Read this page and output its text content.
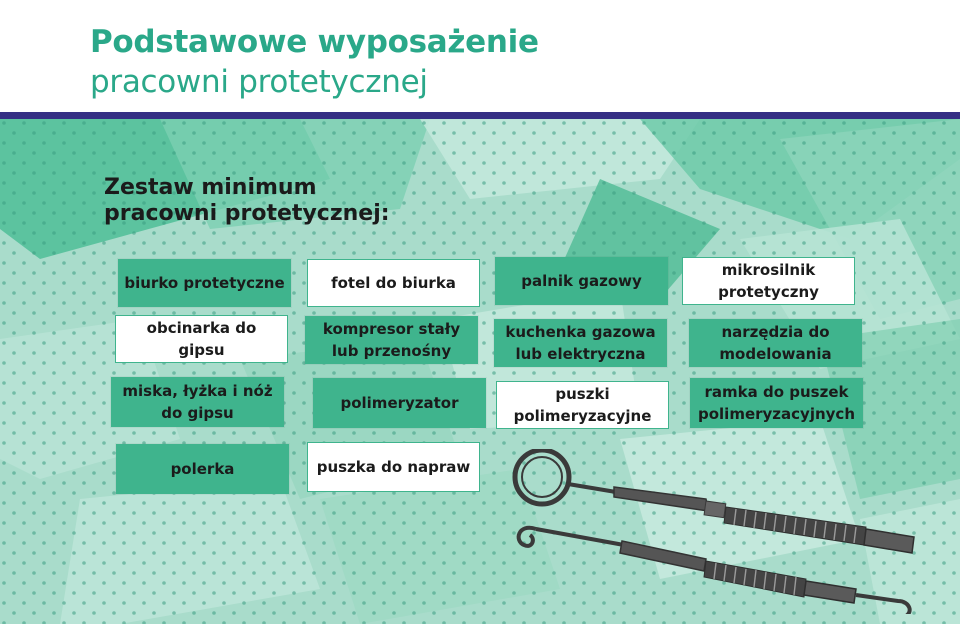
Podstawowe wyposażenie
pracowni protetycznej
Zestaw minimum
pracowni protetycznej:
biurko protetyczne	fotel do biurka	palnik gazowy
mikrosilnik protetyczny
obcinarka do gipsu
kompresor stały lub przenośny
kuchenka gazowa lub elektryczna
narzędzia do modelowania
miska, łyżka i nóż do gipsu
polimeryzator	puszki polimeryzacyjne
ramka do puszek polimeryzacyjnych
polerka	puszka do napraw
